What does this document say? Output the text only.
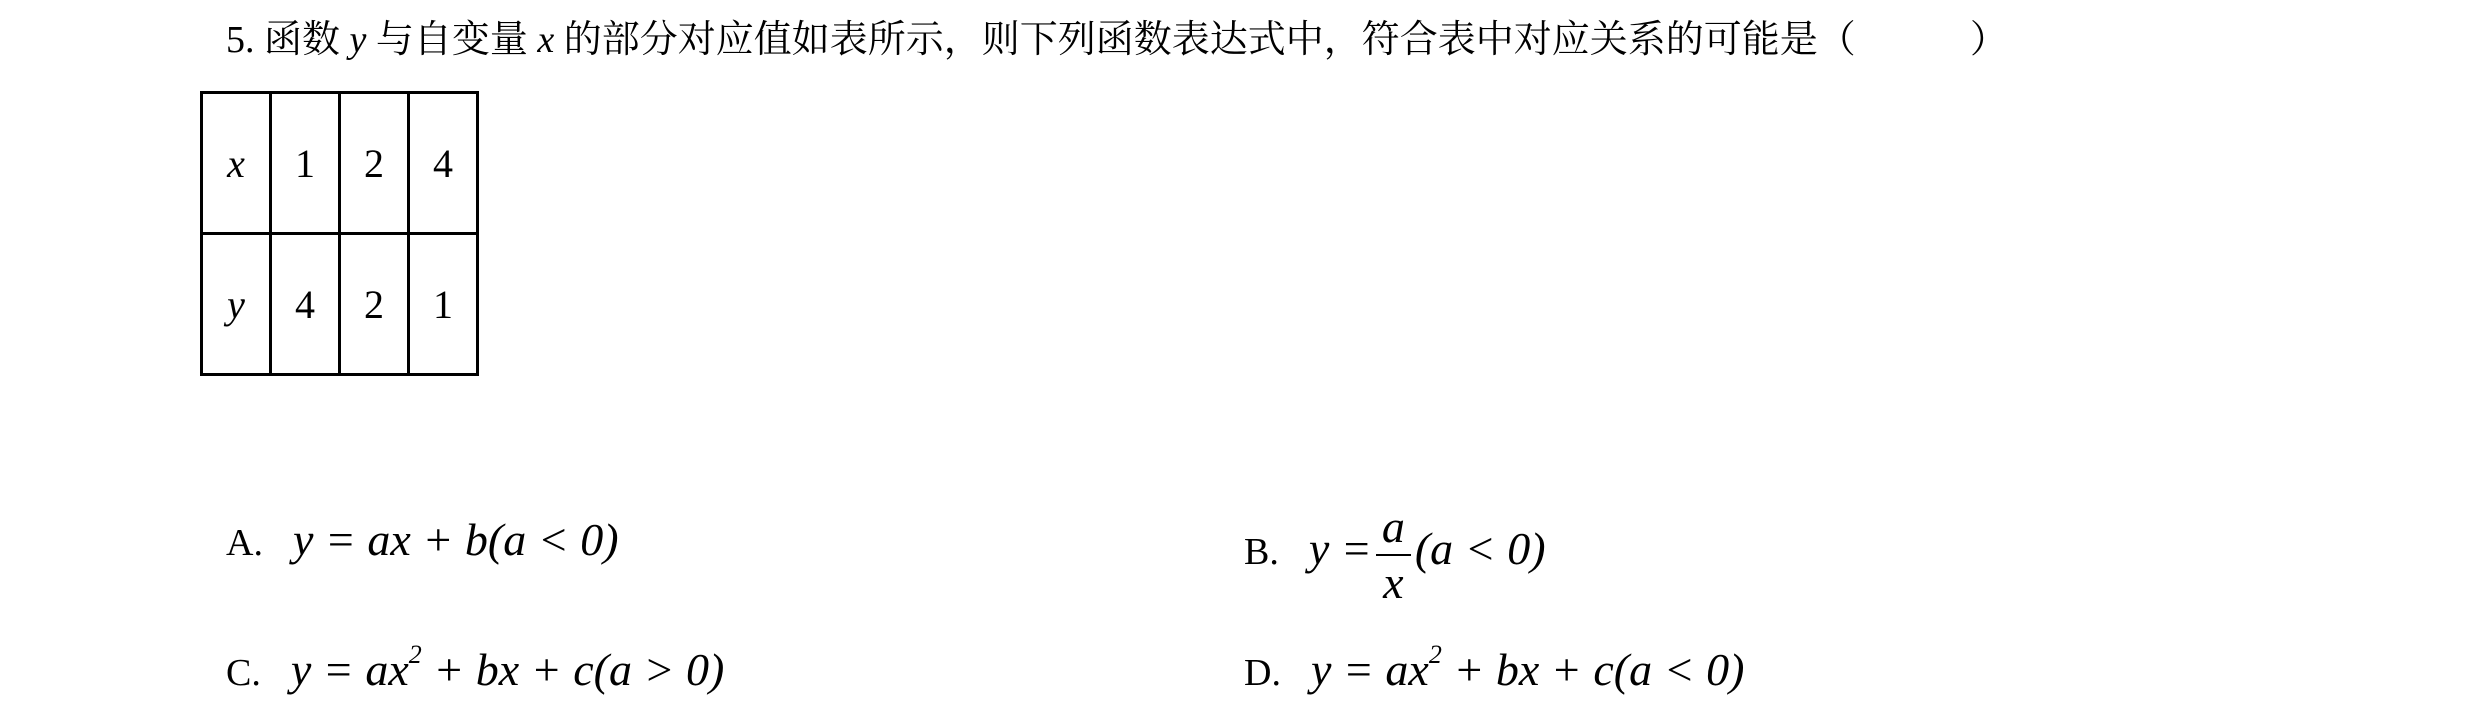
5. 函数 y 与自变量 x 的部分对应值如表所示，则下列函数表达式中，符合表中对应关系的可能是（　　　	）
x	1	2	4
y	4	2	1
A. y = ax + b(a < 0)	B. $y = \frac{a}{x} (a < 0)$
C. $y = ax^2$ + bx + c(a > 0)	D. $y = ax^2$ + bx + c(a < 0)
